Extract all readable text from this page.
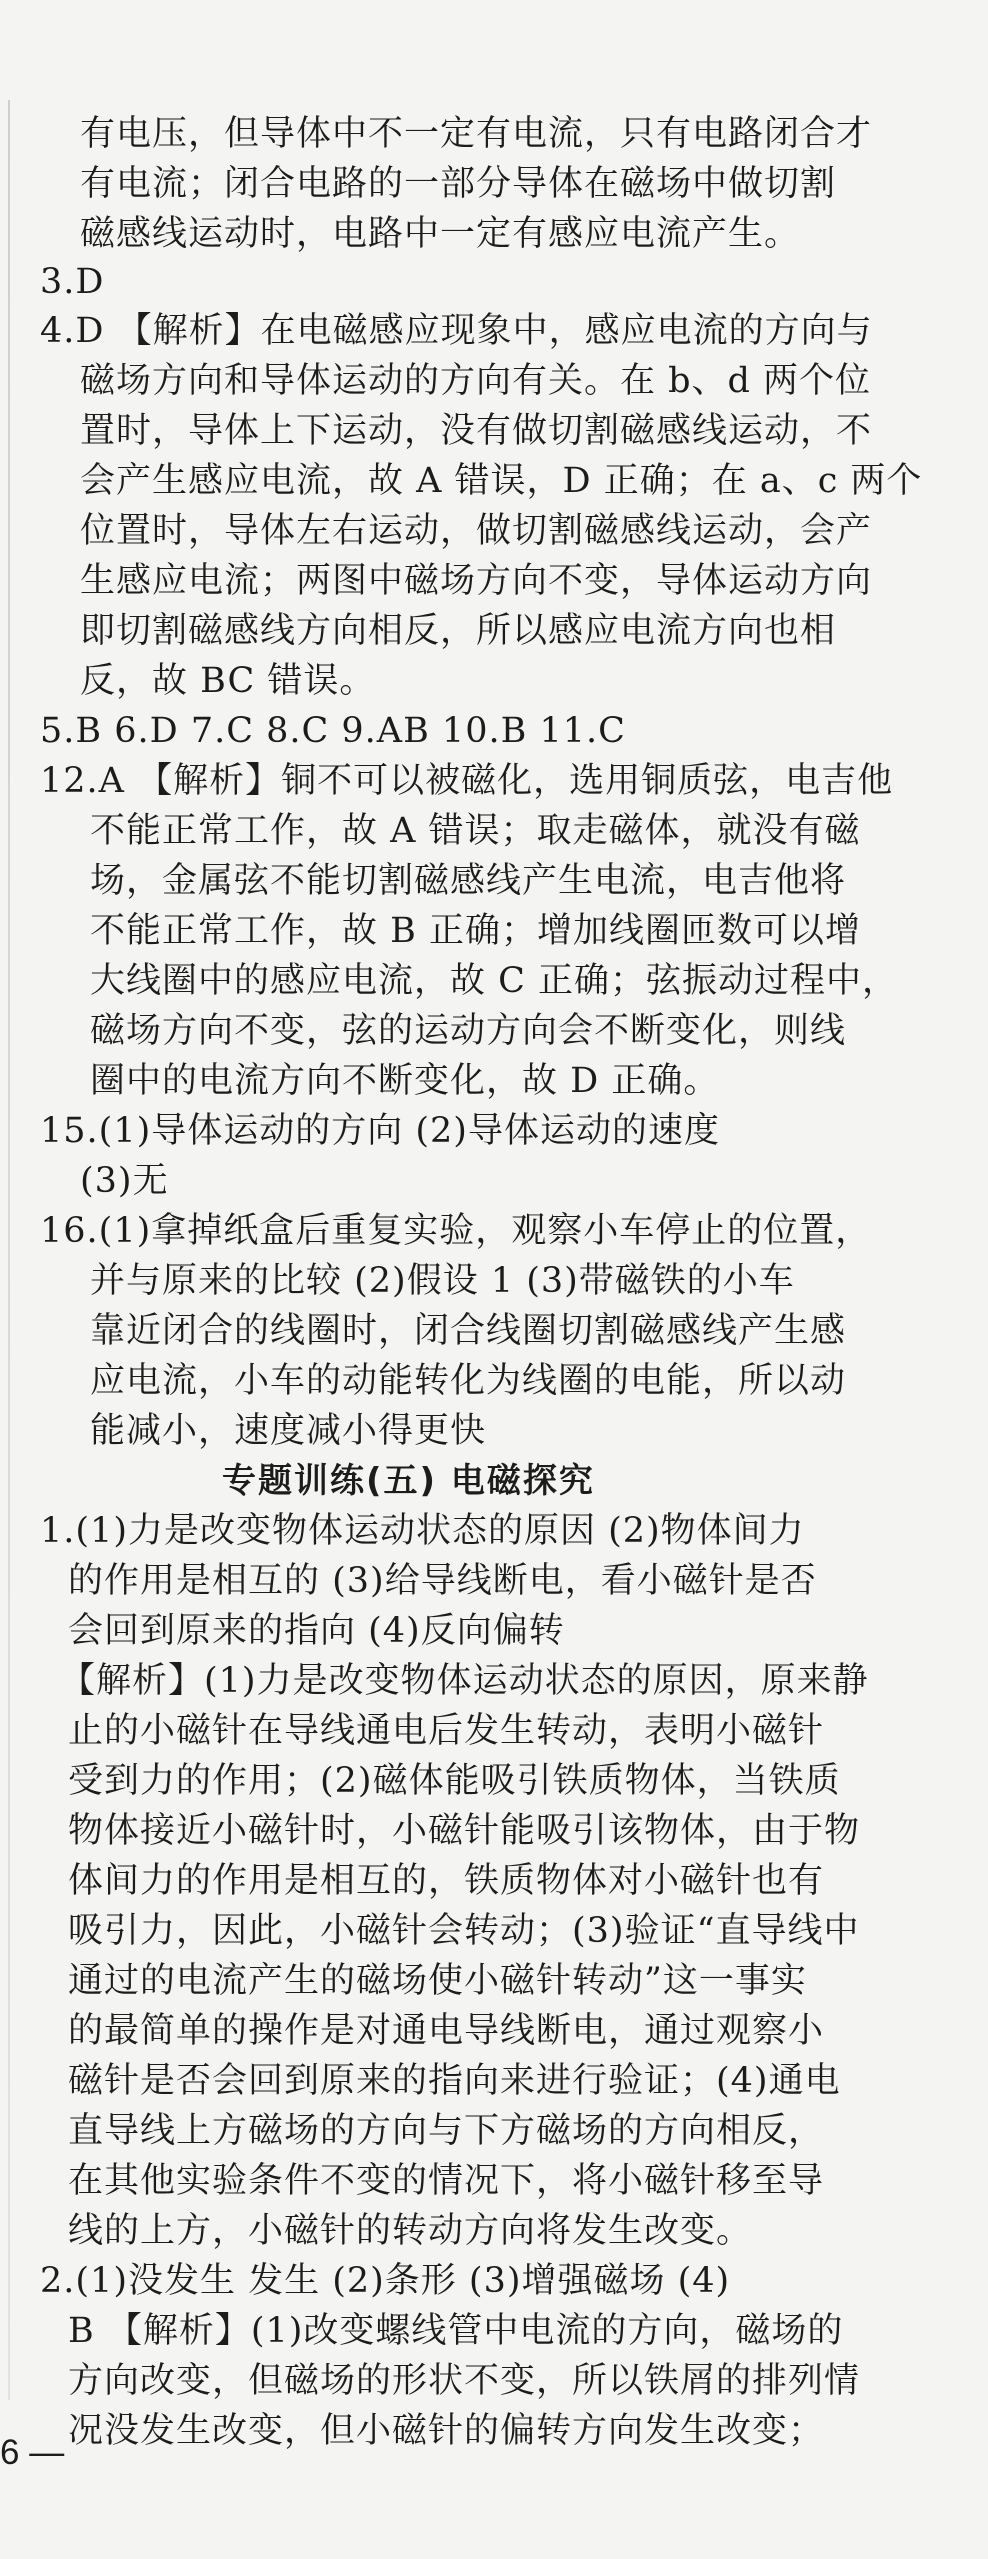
有电压，但导体中不一定有电流，只有电路闭合才
有电流；闭合电路的一部分导体在磁场中做切割
磁感线运动时，电路中一定有感应电流产生。
3.D
4.D 【解析】在电磁感应现象中，感应电流的方向与
磁场方向和导体运动的方向有关。在 b、d 两个位
置时，导体上下运动，没有做切割磁感线运动，不
会产生感应电流，故 A 错误，D 正确；在 a、c 两个
位置时，导体左右运动，做切割磁感线运动，会产
生感应电流；两图中磁场方向不变，导体运动方向
即切割磁感线方向相反，所以感应电流方向也相
反，故 BC 错误。
5.B 6.D 7.C 8.C 9.AB 10.B 11.C
12.A 【解析】铜不可以被磁化，选用铜质弦，电吉他
不能正常工作，故 A 错误；取走磁体，就没有磁
场，金属弦不能切割磁感线产生电流，电吉他将
不能正常工作，故 B 正确；增加线圈匝数可以增
大线圈中的感应电流，故 C 正确；弦振动过程中，
磁场方向不变，弦的运动方向会不断变化，则线
圈中的电流方向不断变化，故 D 正确。
15.(1)导体运动的方向 (2)导体运动的速度
(3)无
16.(1)拿掉纸盒后重复实验，观察小车停止的位置，
并与原来的比较 (2)假设 1 (3)带磁铁的小车
靠近闭合的线圈时，闭合线圈切割磁感线产生感
应电流，小车的动能转化为线圈的电能，所以动
能减小，速度减小得更快
1.(1)力是改变物体运动状态的原因 (2)物体间力
的作用是相互的 (3)给导线断电，看小磁针是否
会回到原来的指向 (4)反向偏转
【解析】(1)力是改变物体运动状态的原因，原来静
止的小磁针在导线通电后发生转动，表明小磁针
受到力的作用；(2)磁体能吸引铁质物体，当铁质
物体接近小磁针时，小磁针能吸引该物体，由于物
体间力的作用是相互的，铁质物体对小磁针也有
吸引力，因此，小磁针会转动；(3)验证“直导线中
通过的电流产生的磁场使小磁针转动”这一事实
的最简单的操作是对通电导线断电，通过观察小
磁针是否会回到原来的指向来进行验证；(4)通电
直导线上方磁场的方向与下方磁场的方向相反，
在其他实验条件不变的情况下，将小磁针移至导
线的上方，小磁针的转动方向将发生改变。
2.(1)没发生 发生 (2)条形 (3)增强磁场 (4)
B 【解析】(1)改变螺线管中电流的方向，磁场的
方向改变，但磁场的形状不变，所以铁屑的排列情
况没发生改变，但小磁针的偏转方向发生改变；
专题训练(五) 电磁探究
6 —
